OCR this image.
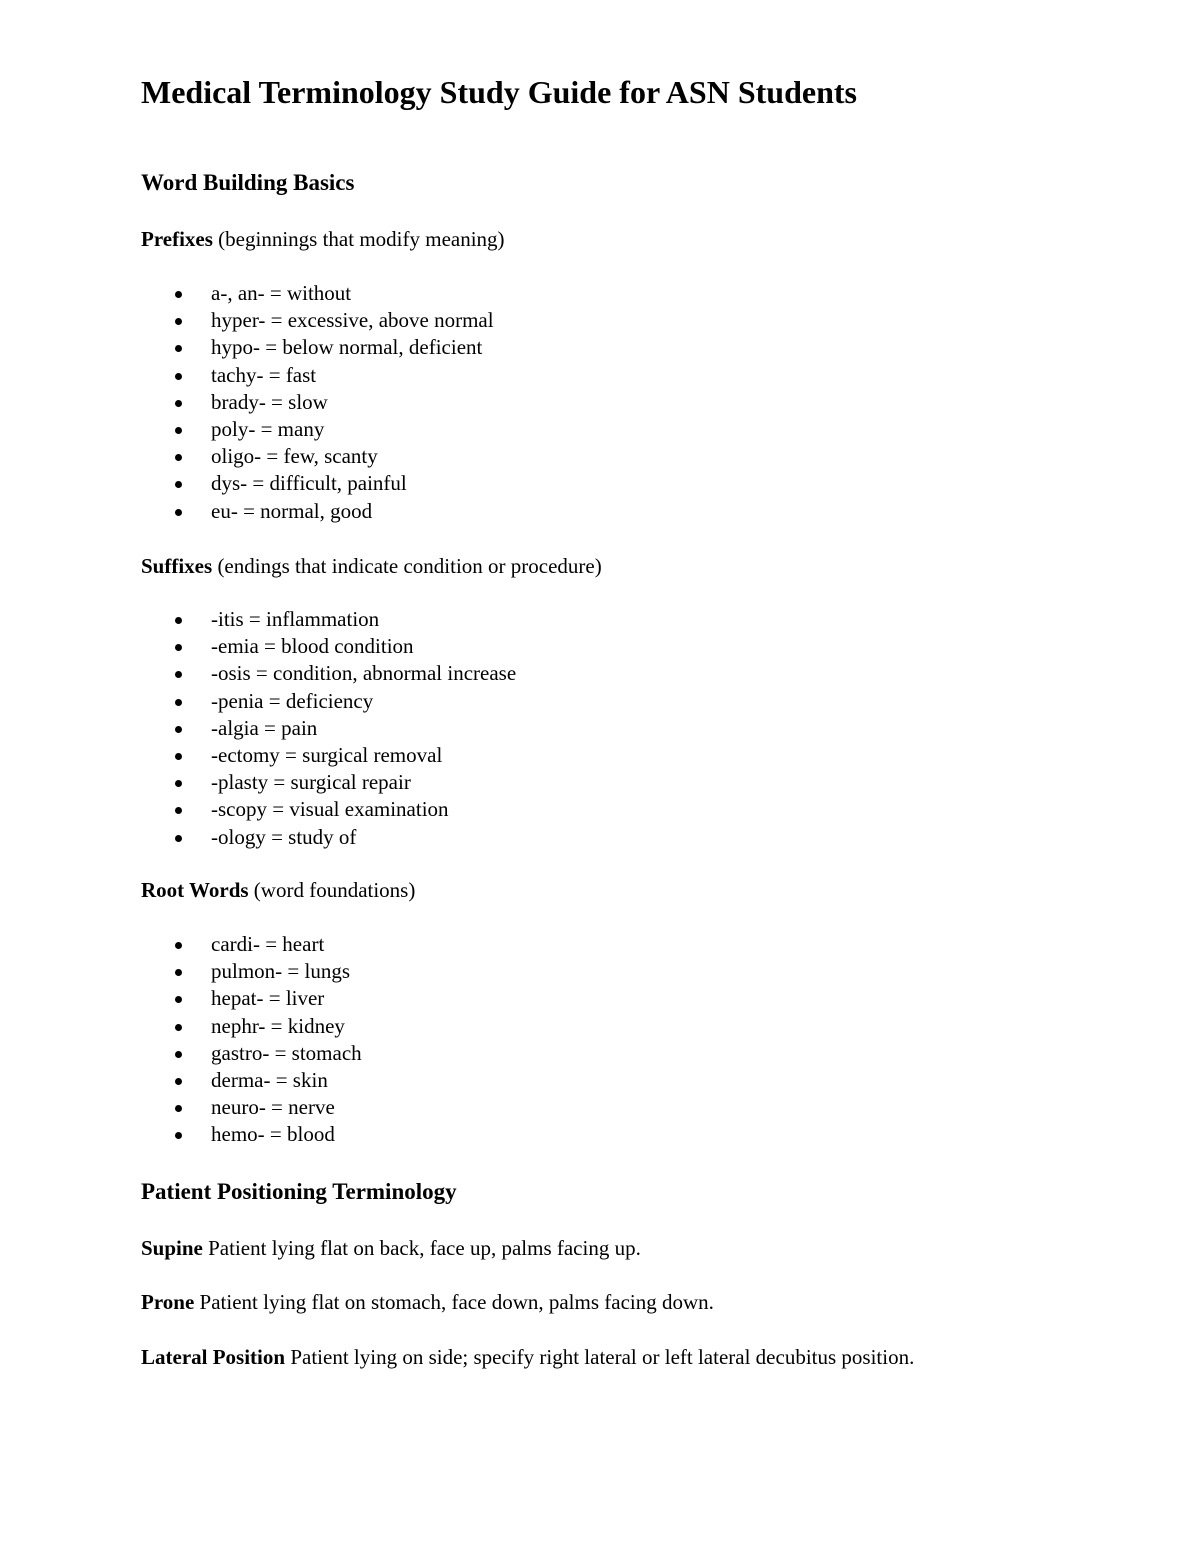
Medical Terminology Study Guide for ASN Students
Word Building Basics

Prefixes (beginnings that modify meaning)

a-, an- = without
hyper- = excessive, above normal
hypo- = below normal, deficient
tachy- = fast
brady- = slow
poly- = many
oligo- = few, scanty
dys- = difficult, painful
eu- = normal, good

Suffixes (endings that indicate condition or procedure)

-itis = inflammation
-emia = blood condition
-osis = condition, abnormal increase
-penia = deficiency
-algia = pain
-ectomy = surgical removal
-plasty = surgical repair
-scopy = visual examination
-ology = study of

Root Words (word foundations)

cardi- = heart
pulmon- = lungs
hepat- = liver
nephr- = kidney
gastro- = stomach
derma- = skin
neuro- = nerve
hemo- = blood
Patient Positioning Terminology

Supine Patient lying flat on back, face up, palms facing up.

Prone Patient lying flat on stomach, face down, palms facing down.

Lateral Position Patient lying on side; specify right lateral or left lateral decubitus position.
